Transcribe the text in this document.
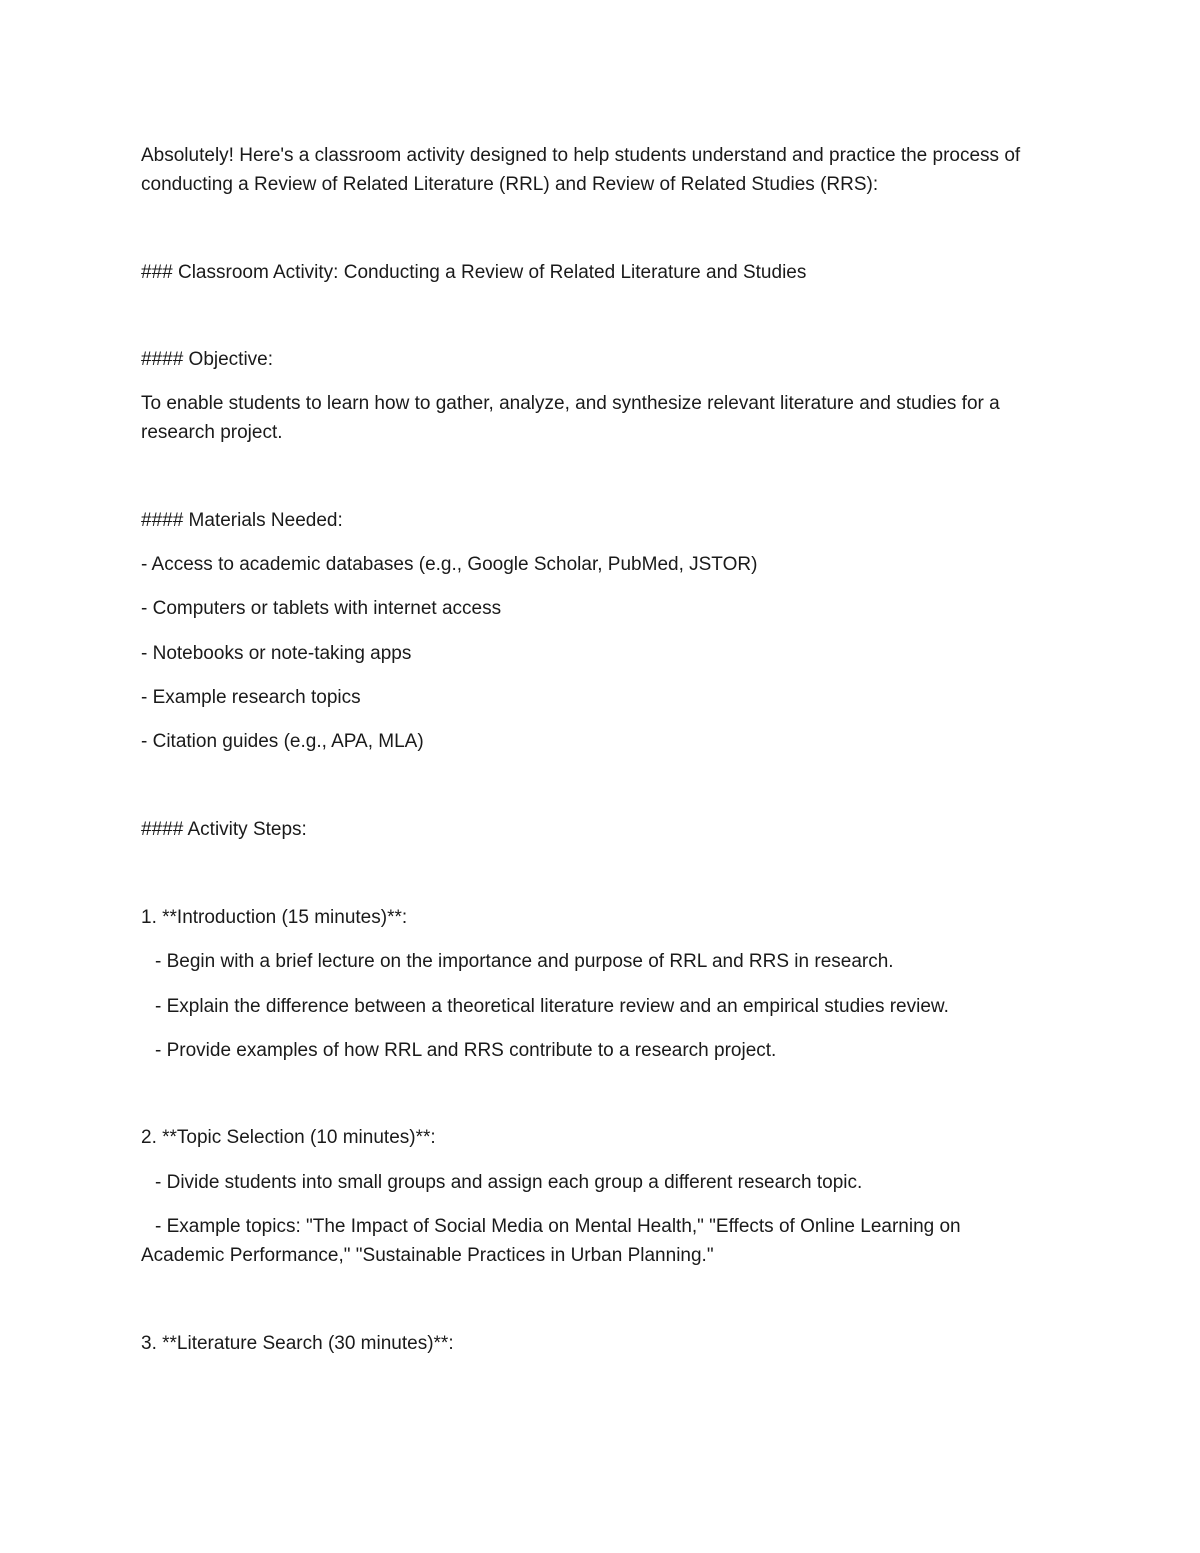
Absolutely! Here's a classroom activity designed to help students understand and practice the process of
conducting a Review of Related Literature (RRL) and Review of Related Studies (RRS):
### Classroom Activity: Conducting a Review of Related Literature and Studies
#### Objective:
To enable students to learn how to gather, analyze, and synthesize relevant literature and studies for a
research project.
#### Materials Needed:
- Access to academic databases (e.g., Google Scholar, PubMed, JSTOR)
- Computers or tablets with internet access
- Notebooks or note-taking apps
- Example research topics
- Citation guides (e.g., APA, MLA)
#### Activity Steps:
1. **Introduction (15 minutes)**:
- Begin with a brief lecture on the importance and purpose of RRL and RRS in research.
- Explain the difference between a theoretical literature review and an empirical studies review.
- Provide examples of how RRL and RRS contribute to a research project.
2. **Topic Selection (10 minutes)**:
- Divide students into small groups and assign each group a different research topic.
- Example topics: "The Impact of Social Media on Mental Health," "Effects of Online Learning on
Academic Performance," "Sustainable Practices in Urban Planning."
3. **Literature Search (30 minutes)**:
